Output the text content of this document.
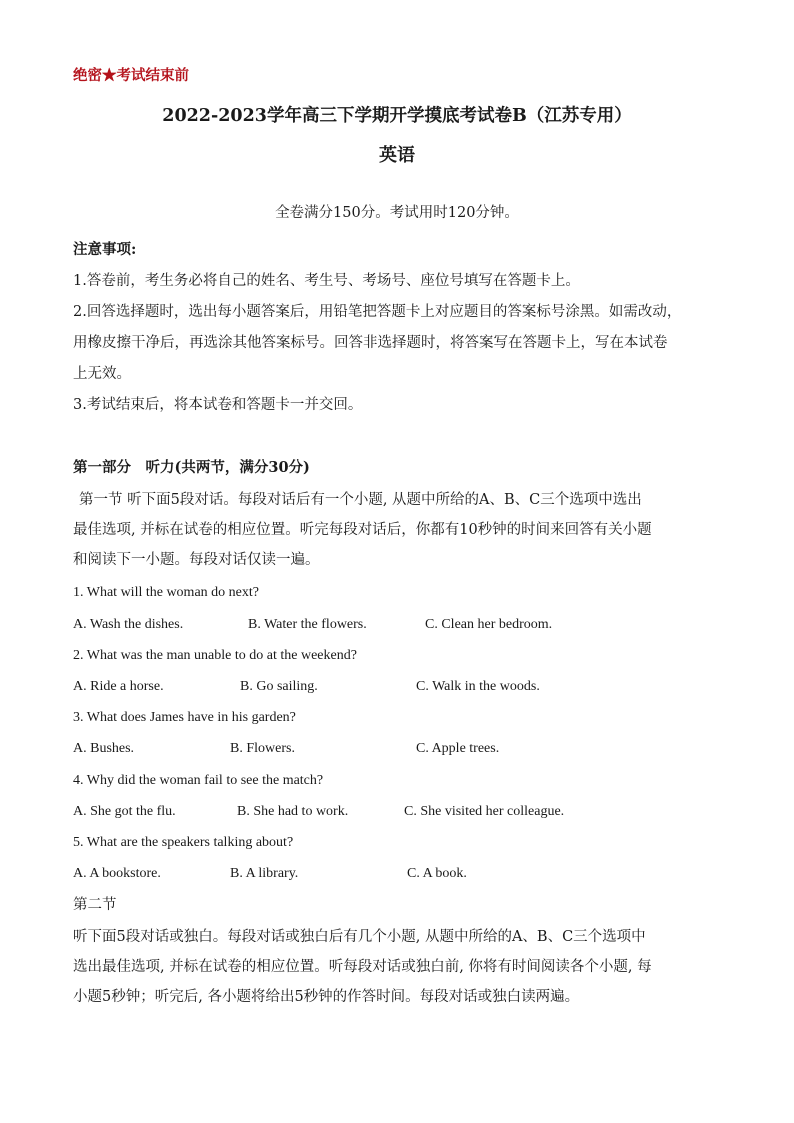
绝密★考试结束前
2022-2023学年高三下学期开学摸底考试卷B（江苏专用）
英语
全卷满分150分。考试用时120分钟。
注意事项:
1.答卷前，考生务必将自己的姓名、考生号、考场号、座位号填写在答题卡上。
2.回答选择题时，选出每小题答案后，用铅笔把答题卡上对应题目的答案标号涂黑。如需改动，
用橡皮擦干净后，再选涂其他答案标号。回答非选择题时，将答案写在答题卡上，写在本试卷
上无效。
3.考试结束后，将本试卷和答题卡一并交回。
第一部分　听力(共两节，满分30分)
第一节 听下面5段对话。每段对话后有一个小题, 从题中所给的A、B、C三个选项中选出
最佳选项, 并标在试卷的相应位置。听完每段对话后，你都有10秒钟的时间来回答有关小题
和阅读下一小题。每段对话仅读一遍。
1. What will the woman do next?
A. Wash the dishes.	B. Water the flowers.	C. Clean her bedroom.
2. What was the man unable to do at the weekend?
A. Ride a horse.	B. Go sailing.	C. Walk in the woods.
3. What does James have in his garden?
A. Bushes.	B. Flowers.	C. Apple trees.
4. Why did the woman fail to see the match?
A. She got the flu.	B. She had to work.	C. She visited her colleague.
5. What are the speakers talking about?
A. A bookstore.	B. A library.	C. A book.
第二节
听下面5段对话或独白。每段对话或独白后有几个小题, 从题中所给的A、B、C三个选项中
选出最佳选项, 并标在试卷的相应位置。听每段对话或独白前, 你将有时间阅读各个小题, 每
小题5秒钟；听完后, 各小题将给出5秒钟的作答时间。每段对话或独白读两遍。
